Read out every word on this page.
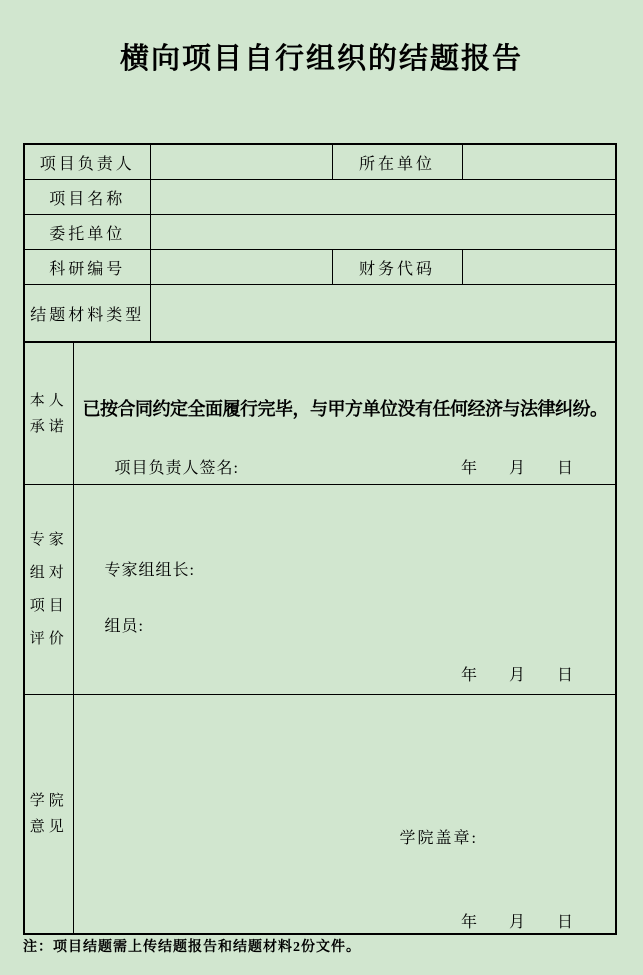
横向项目自行组织的结题报告
项目负责人		所在单位	
项目名称			
委托单位			
科研编号		财务代码	
结题材料类型			
本人承诺	已按合同约定全面履行完毕，与甲方单位没有任何经济与法律纠纷。
项目负责人签名: 年　　月　　日

专家组对项目评价	专家组组长:
组员:
年　　月　　日

学院意见	学院盖章:
年　　月　　日
注：项目结题需上传结题报告和结题材料2份文件。
